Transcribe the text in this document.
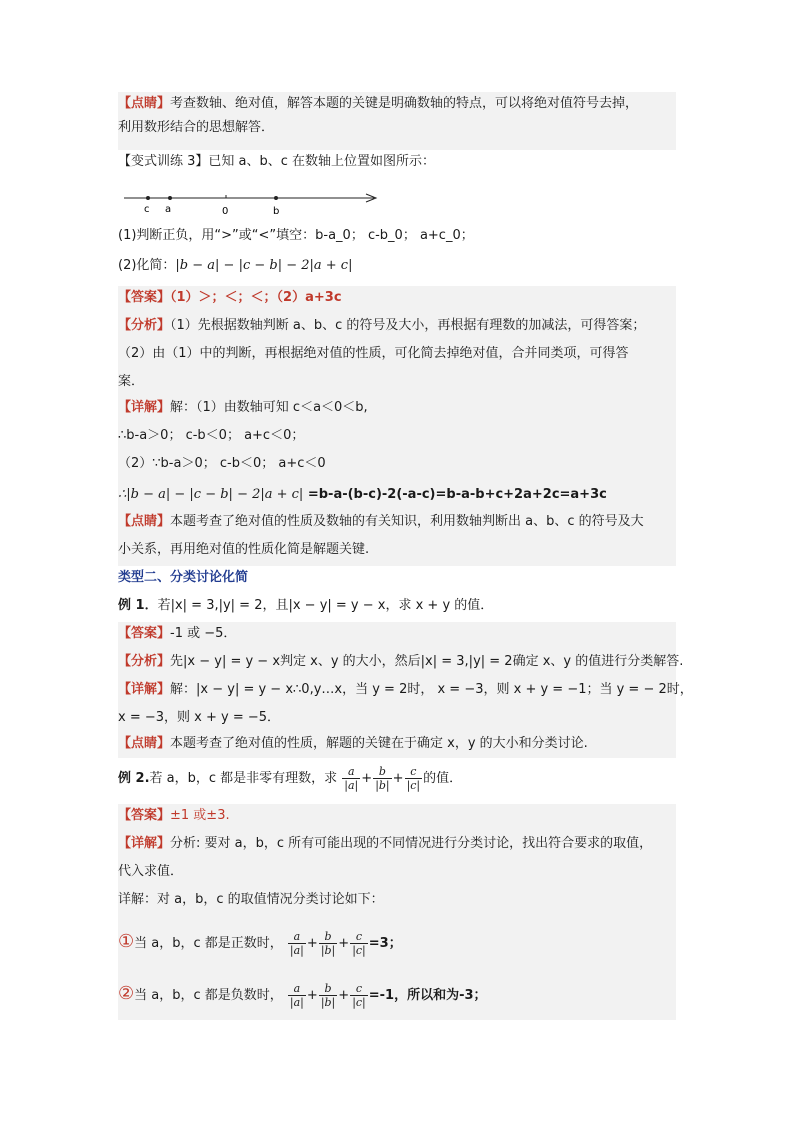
【点睛】考查数轴、绝对值，解答本题的关键是明确数轴的特点，可以将绝对值符号去掉，
利用数形结合的思想解答．
【变式训练 3】已知 a、b、c 在数轴上位置如图所示：
c a	0	b
(1)判断正负，用“>”或“<”填空：b-a_0； c-b_0； a+c_0；
(2)化简：|b − a| − |c − b| − 2|a + c|
【答案】（1）＞；＜；＜；（2）a+3c
【分析】（1）先根据数轴判断 a、b、c 的符号及大小，再根据有理数的加减法，可得答案；
（2）由（1）中的判断，再根据绝对值的性质，可化简去掉绝对值，合并同类项，可得答
案．
【详解】解：（1）由数轴可知 c＜a＜0＜b,
∴b-a＞0； c-b＜0； a+c＜0；
（2）∵b-a＞0； c-b＜0； a+c＜0
∴|b − a| − |c − b| − 2|a + c| =b-a-(b-c)-2(-a-c)=b-a-b+c+2a+2c=a+3c
【点睛】本题考查了绝对值的性质及数轴的有关知识，利用数轴判断出 a、b、c 的符号及大
小关系，再用绝对值的性质化简是解题关键.
类型二、分类讨论化简
例 1．若|x| = 3,|y| = 2，且|x − y| = y − x，求 x + y 的值．
【答案】-1 或 −5．
【分析】先|x − y| = y − x判定 x、y 的大小，然后|x| = 3,|y| = 2确定 x、y 的值进行分类解答.
【详解】解：|x − y| = y − x∴0,y…x，当 y = 2时， x = −3，则 x + y = −1；当 y = − 2时，
x = −3，则 x + y = −5．
【点睛】本题考查了绝对值的性质，解题的关键在于确定 x，y 的大小和分类讨论.
例 2.若 a，b，c 都是非零有理数，求 $\frac{a}{|a|} + \frac{b}{|b|} + \frac{c}{|c|}$ 的值．
【答案】±1 或±3.
【详解】分析: 要对 a，b，c 所有可能出现的不同情况进行分类讨论，找出符合要求的取值，
代入求值．
详解：对 a，b，c 的取值情况分类讨论如下：
①当 a，b，c 都是正数时， $\frac{a}{|a|} + \frac{b}{|b|} + \frac{c}{|c|} =3$；
②当 a，b，c 都是负数时， $\frac{a}{|a|} + \frac{b}{|b|} + \frac{c}{|c|} =-1$，所以和为-3；
